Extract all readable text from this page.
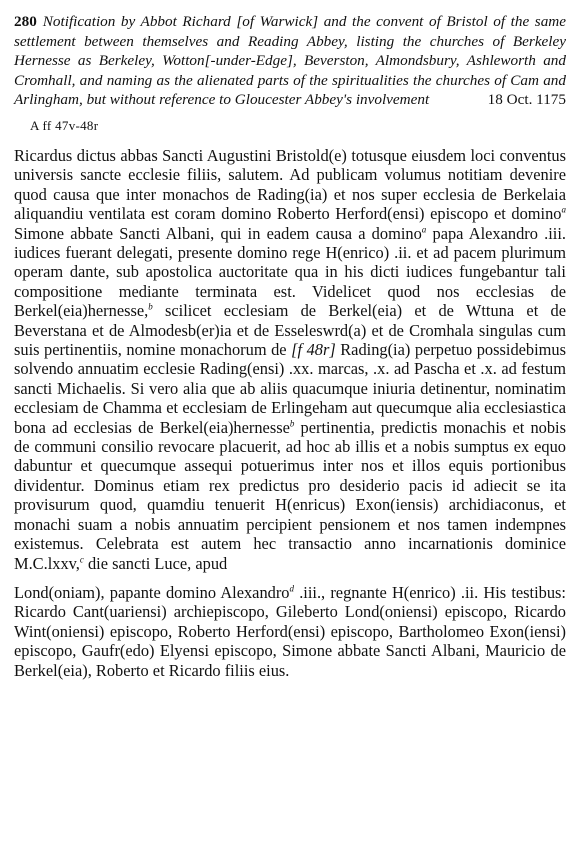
280 Notification by Abbot Richard [of Warwick] and the convent of Bristol of the same settlement between themselves and Reading Abbey, listing the churches of Berkeley Hernesse as Berkeley, Wotton[-under-Edge], Beverston, Almondsbury, Ashleworth and Cromhall, and naming as the alienated parts of the spiritualities the churches of Cam and Arlingham, but without reference to Gloucester Abbey's involvement	18 Oct. 1175
A ff 47v-48r

Ricardus dictus abbas Sancti Augustini Bristold(e) totusque eiusdem loci conventus universis sancte ecclesie filiis, salutem. Ad publicam volumus notitiam devenire quod causa que inter monachos de Rading(ia) et nos super ecclesia de Berkelaia aliquandiu ventilata est coram domino Roberto Herford(ensi) episcopo et domino$^a$ Simone abbate Sancti Albani, qui in eadem causa a domino$^a$ papa Alexandro .iii. iudices fuerant delegati, presente domino rege H(enrico) .ii. et ad pacem plurimum operam dante, sub apostolica auctoritate qua in his dicti iudices fungebantur tali compositione mediante terminata est. Videlicet quod nos ecclesias de Berkel(eia)hernesse,$^b$ scilicet ecclesiam de Berkel(eia) et de Wttuna et de Beverstana et de Almodesb(er)ia et de Esseleswrd(a) et de Cromhala singulas cum suis pertinentiis, nomine monachorum de [f 48r] Rading(ia) perpetuo possidebimus solvendo annuatim ecclesie Rading(ensi) .xx. marcas, .x. ad Pascha et .x. ad festum sancti Michaelis. Si vero alia que ab aliis quacumque iniuria detinentur, nominatim ecclesiam de Chamma et ecclesiam de Erlingeham aut quecumque alia ecclesiastica bona ad ecclesias de Berkel(eia)hernesse$^b$ pertinentia, predictis monachis et nobis de communi consilio revocare placuerit, ad hoc ab illis et a nobis sumptus ex equo dabuntur et quecumque assequi potuerimus inter nos et illos equis portionibus dividentur. Dominus etiam rex predictus pro desiderio pacis id adiecit se ita provisurum quod, quamdiu tenuerit H(enricus) Exon(iensis) archidiaconus, et monachi suam a nobis annuatim percipient pensionem et nos tamen indempnes existemus. Celebrata est autem hec transactio anno incarnationis dominice M.C.lxxv,$^c$ die sancti Luce, apud

Lond(oniam), papante domino Alexandro$^d$ .iii., regnante H(enrico) .ii. His testibus: Ricardo Cant(uariensi) archiepiscopo, Gileberto Lond(oniensi) episcopo, Ricardo Wint(oniensi) episcopo, Roberto Herford(ensi) episcopo, Bartholomeo Exon(iensi) episcopo, Gaufr(edo) Elyensi episcopo, Simone abbate Sancti Albani, Mauricio de Berkel(eia), Roberto et Ricardo filiis eius.
